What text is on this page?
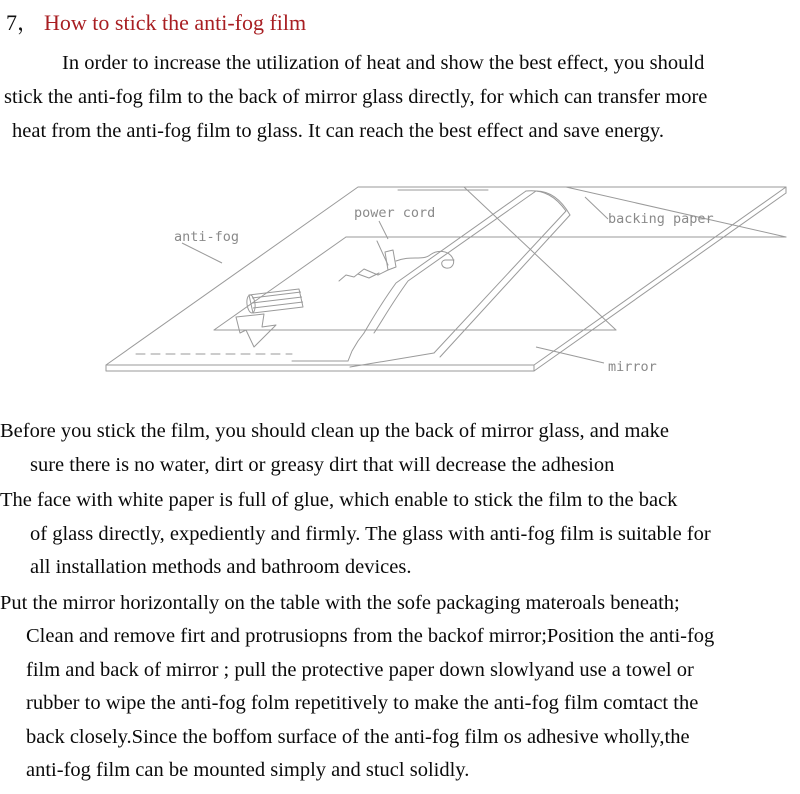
7， How to stick the anti-fog film
In order to increase the utilization of heat and show the best effect, you should
stick the anti-fog film to the back of mirror glass directly, for which can transfer more
heat from the anti-fog film to glass. It can reach the best effect and save energy.
anti-fog
power cord	backing paper
mirror
Before you stick the film, you should clean up the back of mirror glass, and make
sure there is no water, dirt or greasy dirt that will decrease the adhesion
The face with white paper is full of glue, which enable to stick the film to the back
of glass directly, expediently and firmly. The glass with anti-fog film is suitable for
all installation methods and bathroom devices.
Put the mirror horizontally on the table with the sofe packaging materoals beneath;
Clean and remove firt and protrusiopns from the backof mirror;Position the anti-fog
film and back of mirror ; pull the protective paper down slowlyand use a towel or
rubber to wipe the anti-fog folm repetitively to make the anti-fog film comtact the
back closely.Since the boffom surface of the anti-fog film os adhesive wholly,the
anti-fog film can be mounted simply and stucl solidly.
